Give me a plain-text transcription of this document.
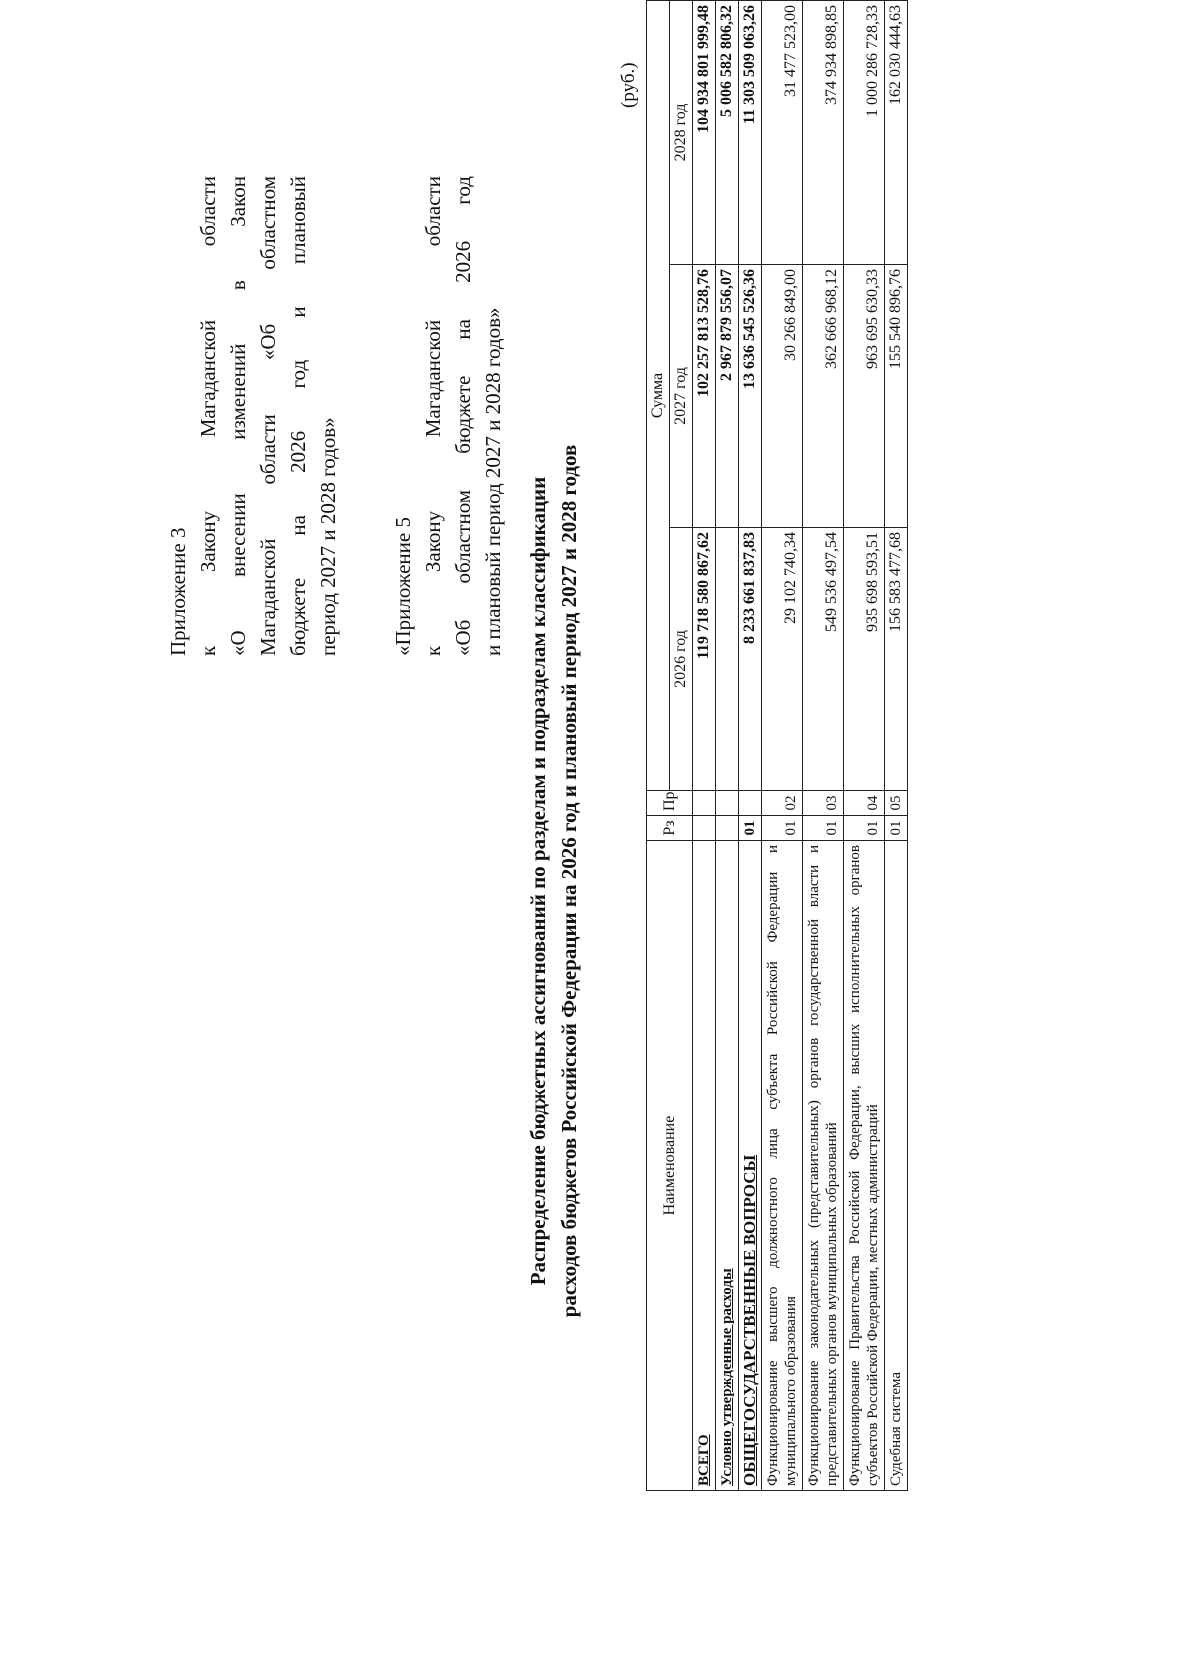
Приложение 3 к
Закону
Магаданской
области
«О
внесении
изменений
в
Закон
Магаданской
области
«Об
областном
бюджете
на
2026
год
и
плановый
период 2027 и 2028 годов» «Приложение 5 к
Закону
Магаданской
области
«Об
областном
бюджете
на
2026
год
и плановый период 2027 и 2028 годов» Распределение бюджетных ассигнований по разделам и подразделам классификации расходов бюджетов Российской Федерации на 2026 год и плановый период 2027 и 2028 годов
(руб.)
Наименование	Рз	Пр	Сумма		
			2026 год	2027 год	2028 год
ВСЕГО			119 718 580 867,62	102 257 813 528,76	104 934 801 999,48
Условно утвержденные расходы				2 967 879 556,07	5 006 582 806,32
ОБЩЕГОСУДАРСТВЕННЫЕ ВОПРОСЫ	01		8 233 661 837,83	13 636 545 526,36	11 303 509 063,26
Функционирование высшего должностного лица субъекта Российской Федерации и муниципального образования	01	02	29 102 740,34	30 266 849,00	31 477 523,00
Функционирование законодательных (представительных) органов государственной власти и представительных органов муниципальных образований	01	03	549 536 497,54	362 666 968,12	374 934 898,85
Функционирование Правительства Российской Федерации, высших исполнительных органов субъектов Российской Федерации, местных администраций	01	04	935 698 593,51	963 695 630,33	1 000 286 728,33
Судебная система	01	05	156 583 477,68	155 540 896,76	162 030 444,63
